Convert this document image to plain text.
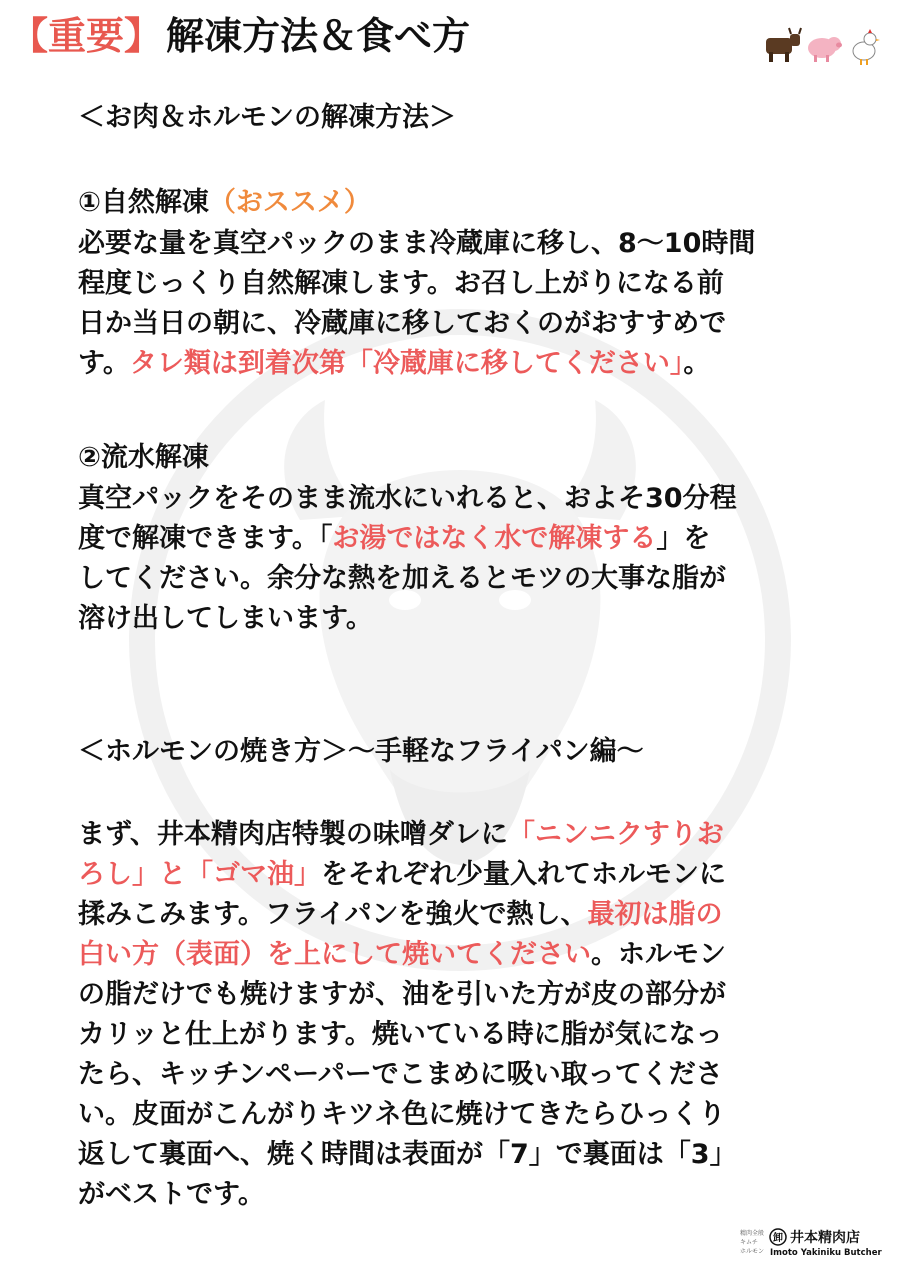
【 重要 】 解凍方法＆食べ方
＜お肉＆ホルモンの解凍方法＞
①自然解凍（おススメ）

必要な量を真空パックのまま冷蔵庫に移し、8〜10時間
程度じっくり自然解凍します。お召し上がりになる前
日か当日の朝に、冷蔵庫に移しておくのがおすすめで
す。タレ類は到着次第「冷蔵庫に移してください」。

②流水解凍

真空パックをそのまま流水にいれると、およそ30分程
度で解凍できます。「お湯ではなく水で解凍する」を
してください。余分な熱を加えるとモツの大事な脂が
溶け出してしまいます。

＜ホルモンの焼き方＞〜手軽なフライパン編〜

まず、井本精肉店特製の味噌ダレに「ニンニクすりお
ろし」と「ゴマ油」をそれぞれ少量入れてホルモンに
揉みこみます。フライパンを強火で熱し、最初は脂の
白い方（表面）を上にして焼いてください。ホルモン
の脂だけでも焼けますが、油を引いた方が皮の部分が
カリッと仕上がります。焼いている時に脂が気になっ
たら、キッチンペーパーでこまめに吸い取ってくださ
い。皮面がこんがりキツネ色に焼けてきたらひっくり
返して裏面へ、焼く時間は表面が「7」で裏面は「3」
がベストです。

精肉全般
キムチ
ホルモン
卸 井本精肉店
Imoto Yakiniku Butcher
